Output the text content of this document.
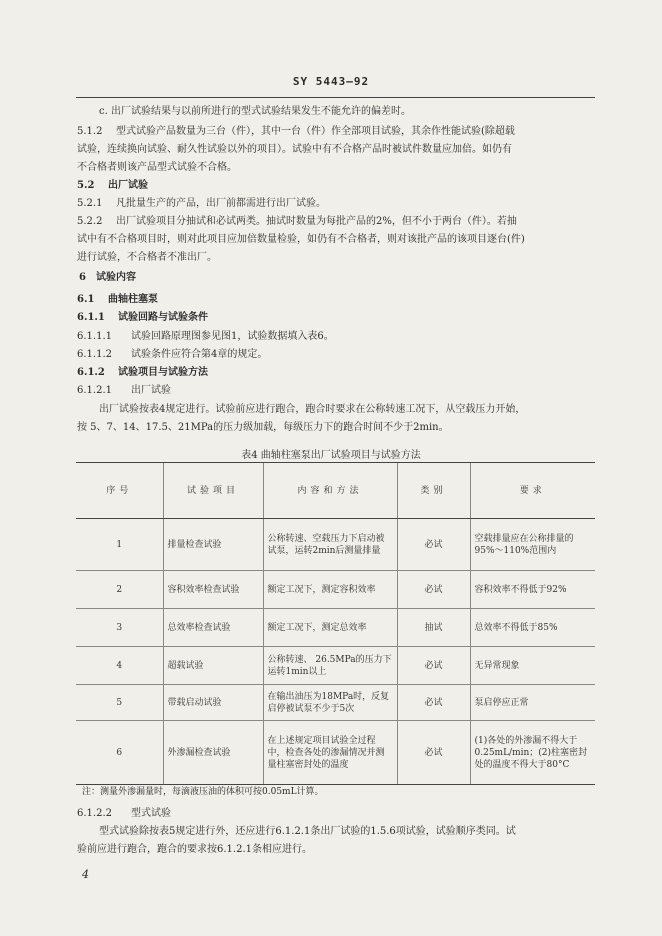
SY 5443—92
c. 出厂试验结果与以前所进行的型式试验结果发生不能允许的偏差时。
5.1.2 型式试验产品数量为三台（件），其中一台（件）作全部项目试验，其余作性能试验(除超载
试验，连续换向试验、耐久性试验以外的项目）。试验中有不合格产品时被试件数量应加倍。如仍有
不合格者则该产品型式试验不合格。
5.2 出厂试验
5.2.1 凡批量生产的产品，出厂前都需进行出厂试验。
5.2.2 出厂试验项目分抽试和必试两类。抽试时数量为每批产品的2%，但不小于两台（件）。若抽
试中有不合格项目时，则对此项目应加倍数量检验，如仍有不合格者，则对该批产品的该项目逐台(件)
进行试验，不合格者不准出厂。
6 试验内容
6.1 曲轴柱塞泵
6.1.1 试验回路与试验条件
6.1.1.1 试验回路原理图参见图1，试验数据填入表6。
6.1.1.2 试验条件应符合第4章的规定。
6.1.2 试验项目与试验方法
6.1.2.1 出厂试验
出厂试验按表4规定进行。试验前应进行跑合，跑合时要求在公称转速工况下，从空载压力开始，
按 5、7、14、17.5、21MPa的压力级加载，每级压力下的跑合时间不少于2min。
表4 曲轴柱塞泵出厂试验项目与试验方法
序号	试验项目	内容和方法	类别	要求
1	排量检查试验	公称转速、空载压力下启动被试泵，运转2min后测量排量	必试	空载排量应在公称排量的95%～110%范围内
2	容积效率检查试验	额定工况下，测定容积效率	必试	容积效率不得低于92%
3	总效率检查试验	额定工况下，测定总效率	抽试	总效率不得低于85%
4	超载试验	公称转速、 26.5MPa的压力下运转1min以上	必试	无异常现象
5	带载启动试验	在输出油压为18MPa时，反复启停被试泵不少于5次	必试	泵启停应正常
6	外渗漏检查试验	在上述规定项目试验全过程中，检查各处的渗漏情况并测量柱塞密封处的温度	必试	(1)各处的外渗漏不得大于0.25mL/min；(2)柱塞密封处的温度不得大于80°C
注：测量外渗漏量时，每滴液压油的体积可按0.05mL计算。
6.1.2.2 型式试验
型式试验除按表5规定进行外，还应进行6.1.2.1条出厂试验的1.5.6项试验，试验顺序类同。试
验前应进行跑合，跑合的要求按6.1.2.1条相应进行。
4
